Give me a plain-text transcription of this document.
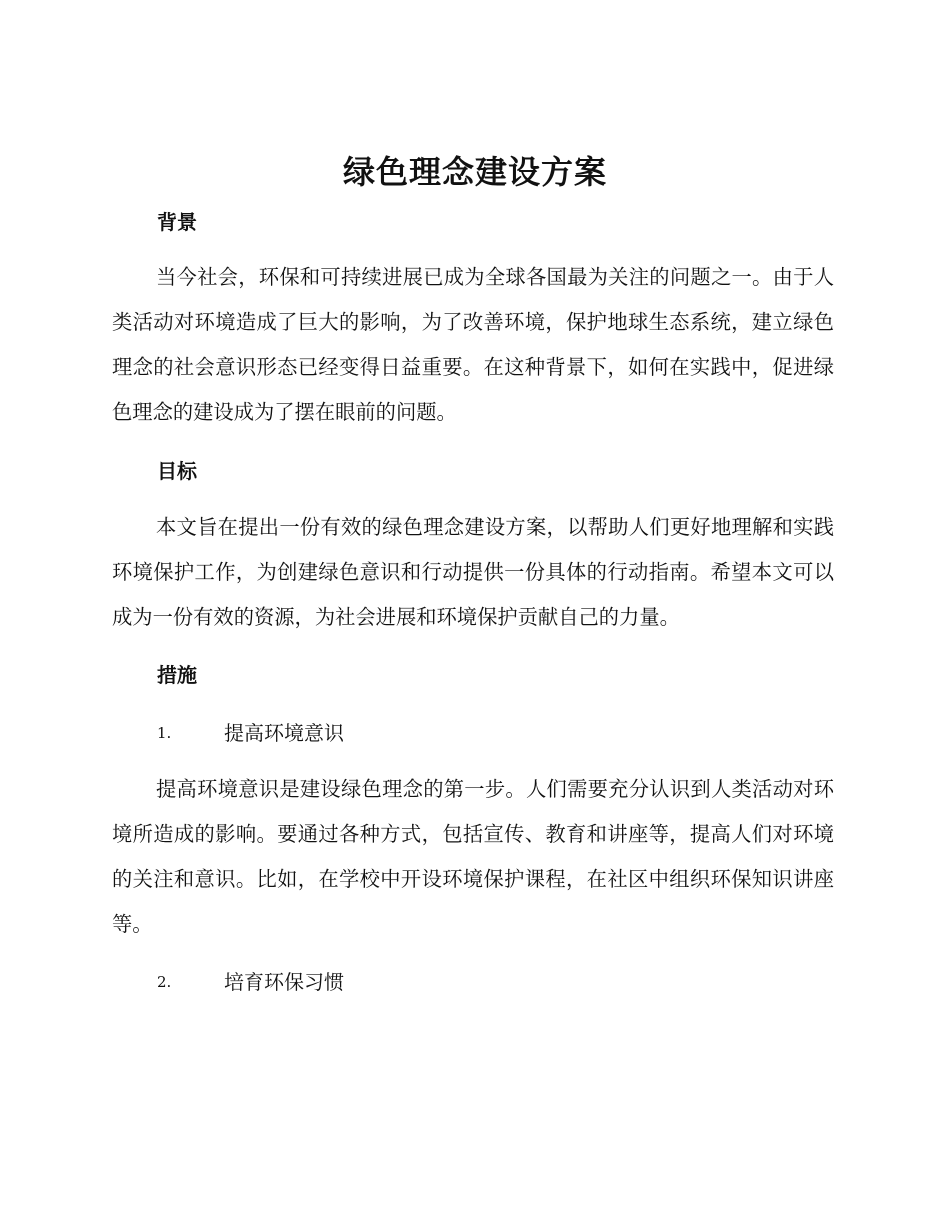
绿色理念建设方案
背景
当今社会，环保和可持续进展已成为全球各国最为关注的问题之一。由于人类活动对环境造成了巨大的影响，为了改善环境，保护地球生态系统，建立绿色理念的社会意识形态已经变得日益重要。在这种背景下，如何在实践中，促进绿色理念的建设成为了摆在眼前的问题。
目标
本文旨在提出一份有效的绿色理念建设方案，以帮助人们更好地理解和实践环境保护工作，为创建绿色意识和行动提供一份具体的行动指南。希望本文可以成为一份有效的资源，为社会进展和环境保护贡献自己的力量。
措施
1.	提高环境意识
提高环境意识是建设绿色理念的第一步。人们需要充分认识到人类活动对环境所造成的影响。要通过各种方式，包括宣传、教育和讲座等，提高人们对环境的关注和意识。比如，在学校中开设环境保护课程，在社区中组织环保知识讲座等。
2.	培育环保习惯
